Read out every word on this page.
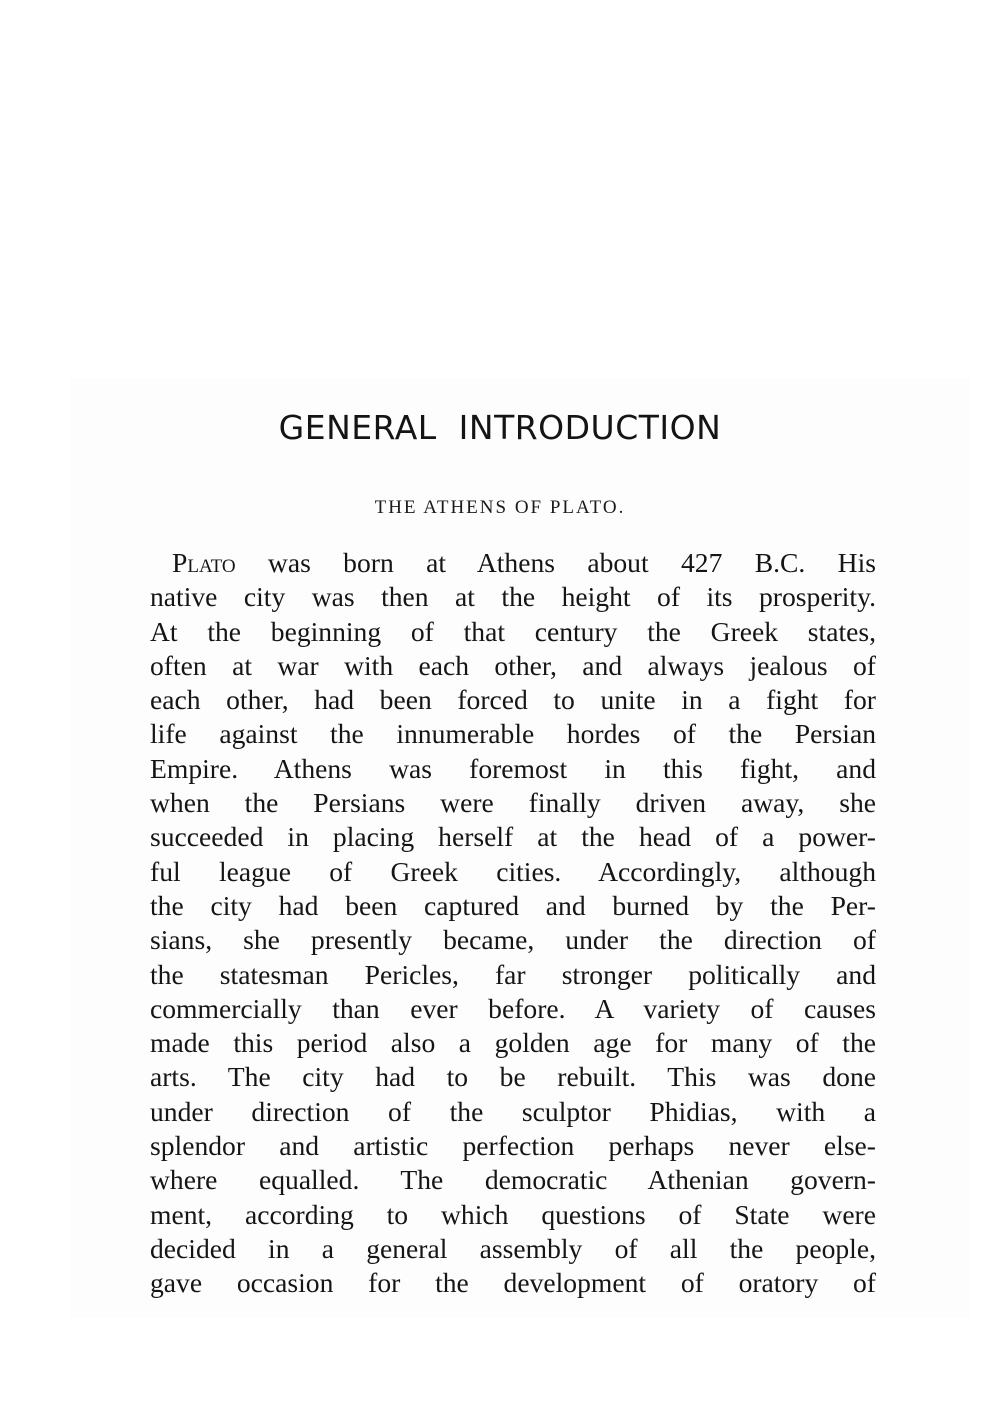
GENERAL  INTRODUCTION
THE ATHENS OF PLATO.
Plato was born at Athens about 427 B.C. His
native city was then at the height of its prosperity.
At the beginning of that century the Greek states,
often at war with each other, and always jealous of
each other, had been forced to unite in a fight for
life against the innumerable hordes of the Persian
Empire. Athens was foremost in this fight, and
when the Persians were finally driven away, she
succeeded in placing herself at the head of a power-
ful league of Greek cities. Accordingly, although
the city had been captured and burned by the Per-
sians, she presently became, under the direction of
the statesman Pericles, far stronger politically and
commercially than ever before. A variety of causes
made this period also a golden age for many of the
arts. The city had to be rebuilt. This was done
under direction of the sculptor Phidias, with a
splendor and artistic perfection perhaps never else-
where equalled. The democratic Athenian govern-
ment, according to which questions of State were
decided in a general assembly of all the people,
gave occasion for the development of oratory of
